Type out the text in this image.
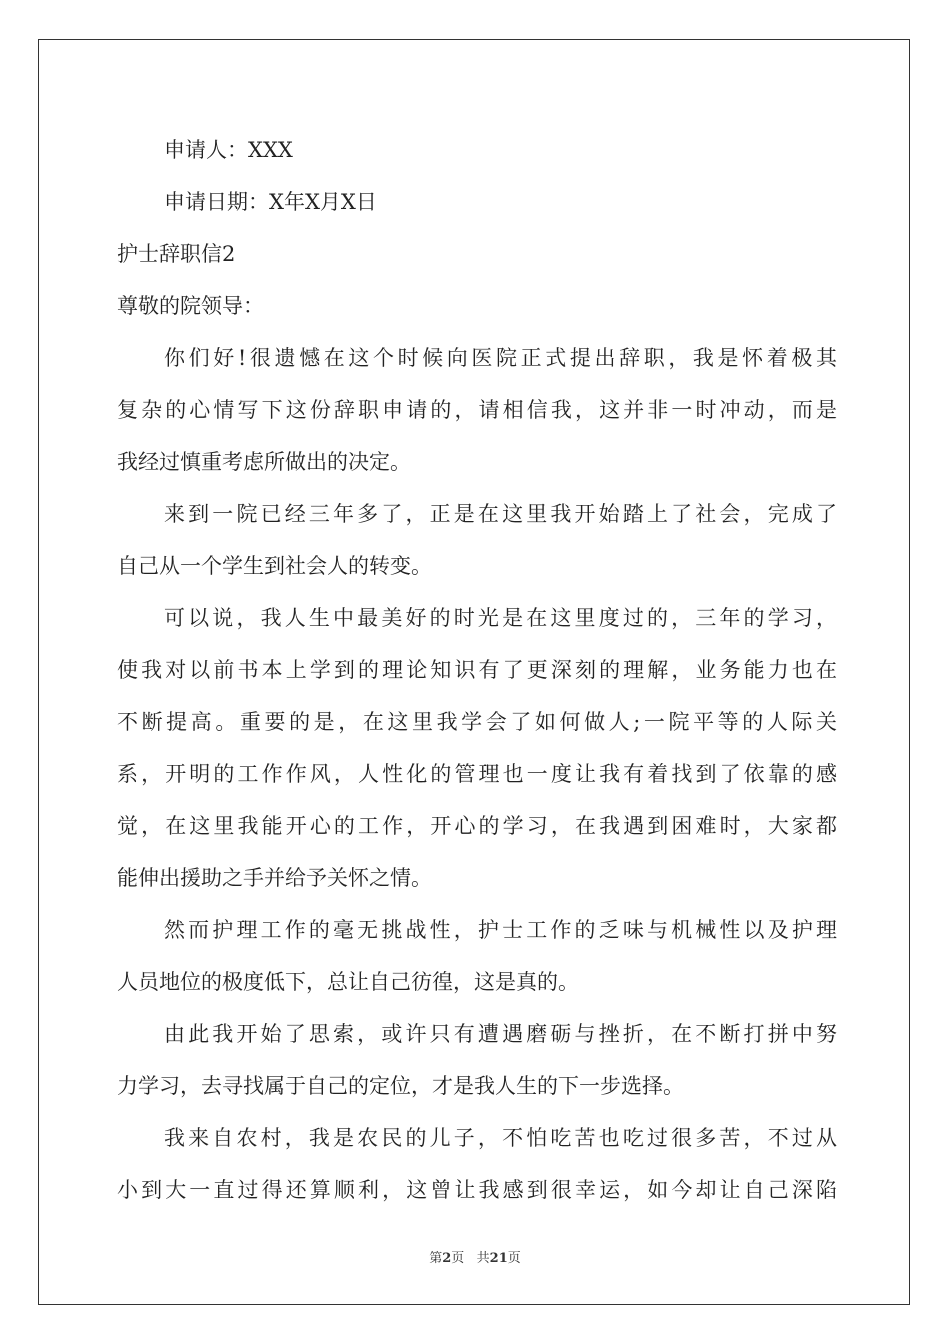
申请人：XXX
申请日期：X年X月X日
护士辞职信2
尊敬的院领导：
你们好!很遗憾在这个时候向医院正式提出辞职，我是怀着极其
复杂的心情写下这份辞职申请的，请相信我，这并非一时冲动，而是
我经过慎重考虑所做出的决定。
来到一院已经三年多了，正是在这里我开始踏上了社会，完成了
自己从一个学生到社会人的转变。
可以说，我人生中最美好的时光是在这里度过的，三年的学习，
使我对以前书本上学到的理论知识有了更深刻的理解，业务能力也在
不断提高。重要的是，在这里我学会了如何做人;一院平等的人际关
系，开明的工作作风，人性化的管理也一度让我有着找到了依靠的感
觉，在这里我能开心的工作，开心的学习，在我遇到困难时，大家都
能伸出援助之手并给予关怀之情。
然而护理工作的毫无挑战性，护士工作的乏味与机械性以及护理
人员地位的极度低下，总让自己彷徨，这是真的。
由此我开始了思索，或许只有遭遇磨砺与挫折，在不断打拼中努
力学习，去寻找属于自己的定位，才是我人生的下一步选择。
我来自农村，我是农民的儿子，不怕吃苦也吃过很多苦，不过从
小到大一直过得还算顺利，这曾让我感到很幸运，如今却让自己深陷
第2页   共21页
